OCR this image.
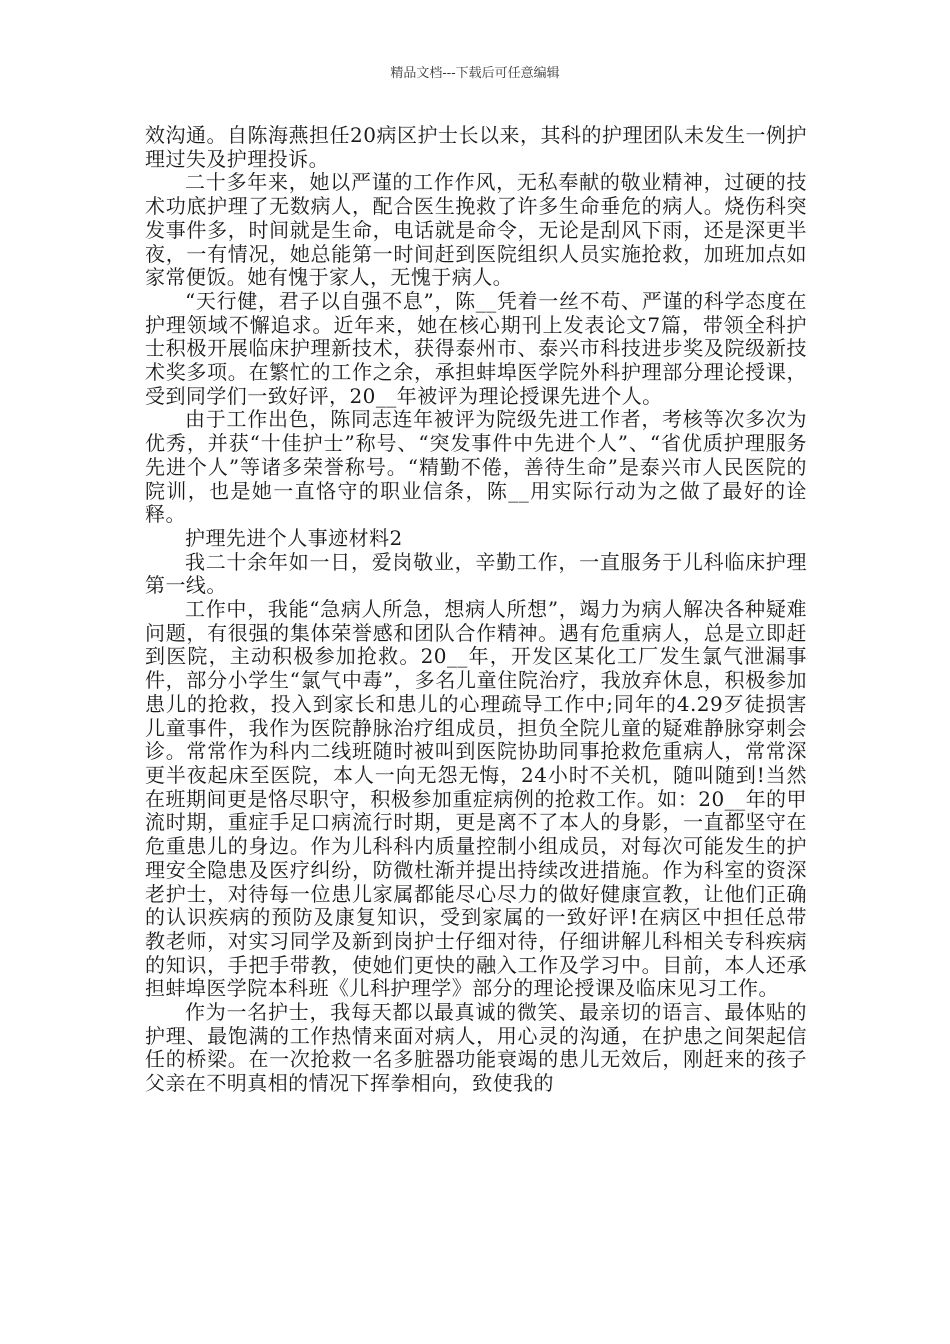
精品文档---下载后可任意编辑

效沟通。自陈海燕担任20病区护士长以来，其科的护理团队未发生一例护理过失及护理投诉。

二十多年来，她以严谨的工作作风，无私奉献的敬业精神，过硬的技术功底护理了无数病人，配合医生挽救了许多生命垂危的病人。烧伤科突发事件多，时间就是生命，电话就是命令，无论是刮风下雨，还是深更半夜，一有情况，她总能第一时间赶到医院组织人员实施抢救，加班加点如家常便饭。她有愧于家人，无愧于病人。

“天行健，君子以自强不息”，陈__凭着一丝不苟、严谨的科学态度在护理领域不懈追求。近年来，她在核心期刊上发表论文7篇，带领全科护士积极开展临床护理新技术，获得泰州市、泰兴市科技进步奖及院级新技术奖多项。在繁忙的工作之余，承担蚌埠医学院外科护理部分理论授课，受到同学们一致好评，20__年被评为理论授课先进个人。

由于工作出色，陈同志连年被评为院级先进工作者，考核等次多次为优秀，并获“十佳护士”称号、“突发事件中先进个人”、“省优质护理服务先进个人”等诸多荣誉称号。“精勤不倦，善待生命”是泰兴市人民医院的院训，也是她一直恪守的职业信条，陈__用实际行动为之做了最好的诠释。

护理先进个人事迹材料2

我二十余年如一日，爱岗敬业，辛勤工作，一直服务于儿科临床护理第一线。

工作中，我能“急病人所急，想病人所想”，竭力为病人解决各种疑难问题，有很强的集体荣誉感和团队合作精神。遇有危重病人，总是立即赶到医院，主动积极参加抢救。20__年，开发区某化工厂发生氯气泄漏事件，部分小学生“氯气中毒”，多名儿童住院治疗，我放弃休息，积极参加患儿的抢救，投入到家长和患儿的心理疏导工作中;同年的4.29歹徒损害儿童事件，我作为医院静脉治疗组成员，担负全院儿童的疑难静脉穿刺会诊。常常作为科内二线班随时被叫到医院协助同事抢救危重病人，常常深更半夜起床至医院，本人一向无怨无悔，24小时不关机，随叫随到!当然在班期间更是恪尽职守，积极参加重症病例的抢救工作。如：20__年的甲流时期，重症手足口病流行时期，更是离不了本人的身影，一直都坚守在危重患儿的身边。作为儿科科内质量控制小组成员，对每次可能发生的护理安全隐患及医疗纠纷，防微杜渐并提出持续改进措施。作为科室的资深老护士，对待每一位患儿家属都能尽心尽力的做好健康宣教，让他们正确的认识疾病的预防及康复知识，受到家属的一致好评!在病区中担任总带教老师，对实习同学及新到岗护士仔细对待，仔细讲解儿科相关专科疾病的知识，手把手带教，使她们更快的融入工作及学习中。目前，本人还承担蚌埠医学院本科班《儿科护理学》部分的理论授课及临床见习工作。

作为一名护士，我每天都以最真诚的微笑、最亲切的语言、最体贴的护理、最饱满的工作热情来面对病人，用心灵的沟通，在护患之间架起信任的桥梁。在一次抢救一名多脏器功能衰竭的患儿无效后，刚赶来的孩子父亲在不明真相的情况下挥拳相向，致使我的
